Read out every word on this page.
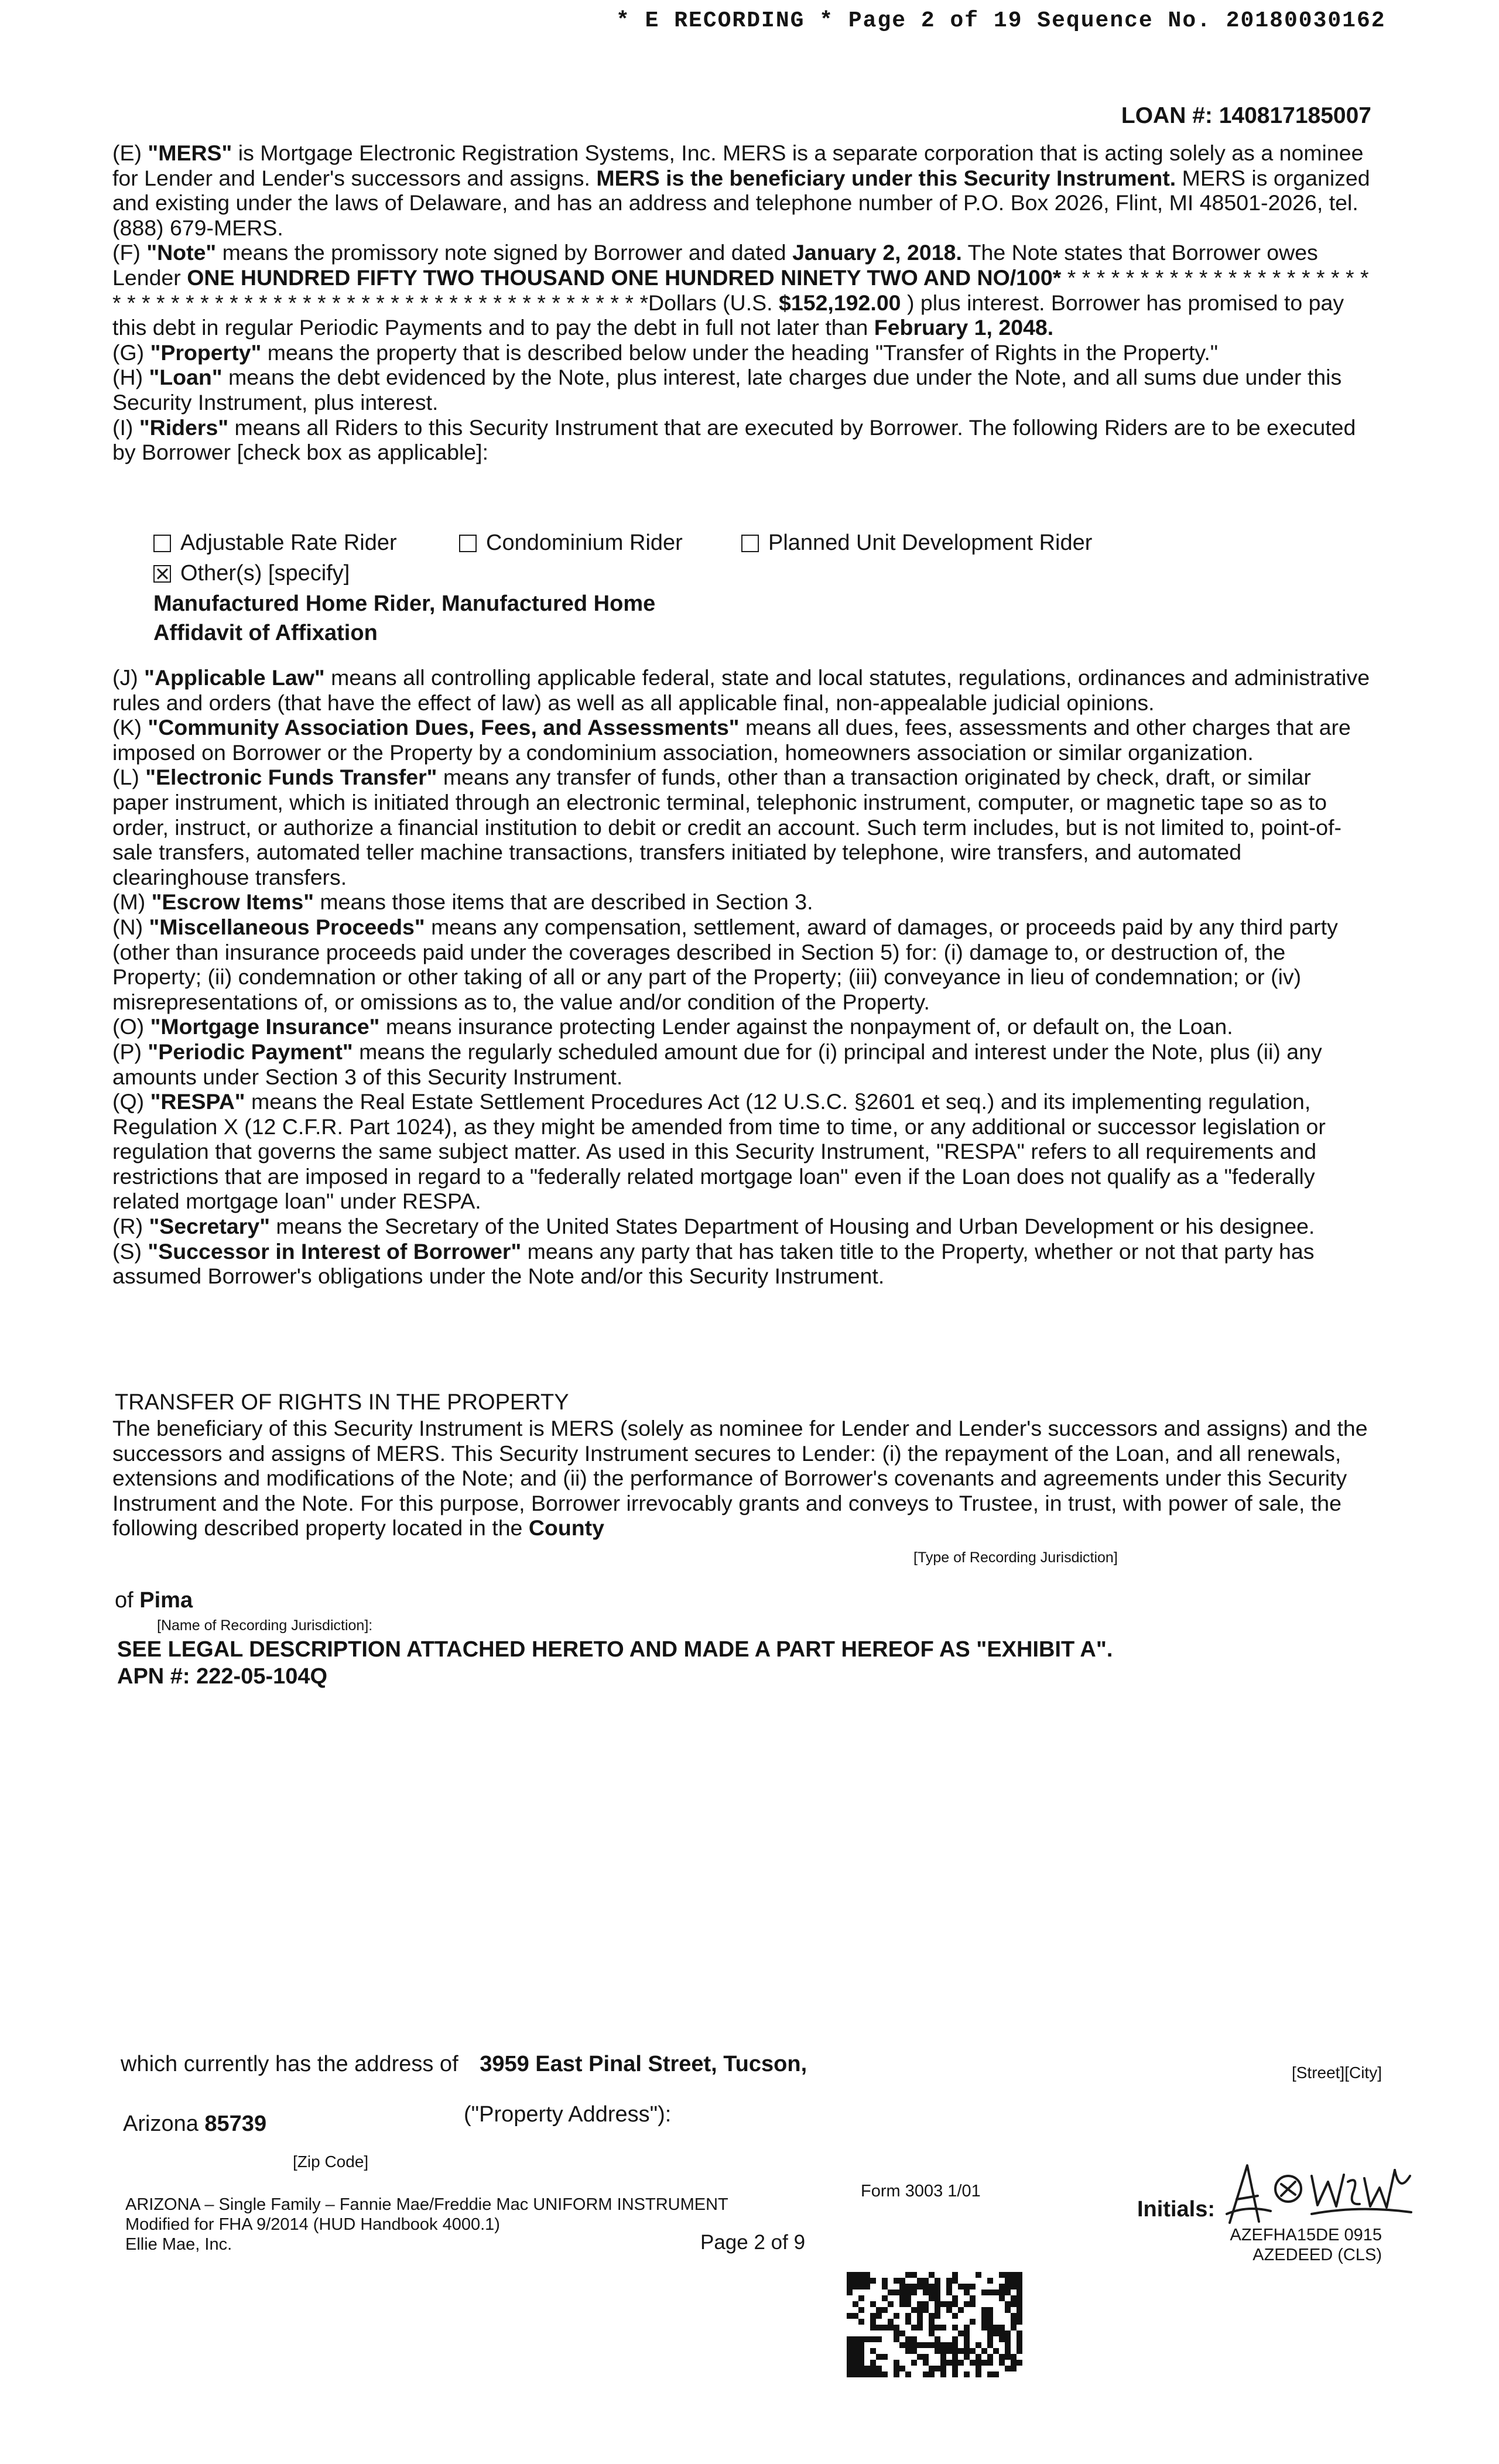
* E RECORDING * Page 2 of 19 Sequence No. 20180030162
LOAN #: 140817185007

(E) "MERS" is Mortgage Electronic Registration Systems, Inc. MERS is a separate corporation that is acting solely as a nominee for Lender and Lender's successors and assigns. MERS is the beneficiary under this Security Instrument. MERS is organized and existing under the laws of Delaware, and has an address and telephone number of P.O. Box 2026, Flint, MI 48501-2026, tel. (888) 679-MERS.

(F) "Note" means the promissory note signed by Borrower and dated January 2, 2018. The Note states that Borrower owes Lender ONE HUNDRED FIFTY TWO THOUSAND ONE HUNDRED NINETY TWO AND NO/100* * * * * * * * * * * * * * * * * * * * * * * * * * * * * * * * * * * * * * * * * * * * * * * * * * * * * * * * * * *Dollars (U.S. $152,192.00 ) plus interest. Borrower has promised to pay this debt in regular Periodic Payments and to pay the debt in full not later than February 1, 2048.

(G) "Property" means the property that is described below under the heading "Transfer of Rights in the Property."

(H) "Loan" means the debt evidenced by the Note, plus interest, late charges due under the Note, and all sums due under this Security Instrument, plus interest.

(I) "Riders" means all Riders to this Security Instrument that are executed by Borrower. The following Riders are to be executed by Borrower [check box as applicable]:

Adjustable Rate Rider	Condominium Rider	Planned Unit Development Rider
Other(s) [specify]
Manufactured Home Rider, Manufactured Home
Affidavit of Affixation

(J) "Applicable Law" means all controlling applicable federal, state and local statutes, regulations, ordinances and administrative rules and orders (that have the effect of law) as well as all applicable final, non-appealable judicial opinions.

(K) "Community Association Dues, Fees, and Assessments" means all dues, fees, assessments and other charges that are imposed on Borrower or the Property by a condominium association, homeowners association or similar organization.

(L) "Electronic Funds Transfer" means any transfer of funds, other than a transaction originated by check, draft, or similar paper instrument, which is initiated through an electronic terminal, telephonic instrument, computer, or magnetic tape so as to order, instruct, or authorize a financial institution to debit or credit an account. Such term includes, but is not limited to, point-of-sale transfers, automated teller machine transactions, transfers initiated by telephone, wire transfers, and automated clearinghouse transfers.

(M) "Escrow Items" means those items that are described in Section 3.

(N) "Miscellaneous Proceeds" means any compensation, settlement, award of damages, or proceeds paid by any third party (other than insurance proceeds paid under the coverages described in Section 5) for: (i) damage to, or destruction of, the Property; (ii) condemnation or other taking of all or any part of the Property; (iii) conveyance in lieu of condemnation; or (iv) misrepresentations of, or omissions as to, the value and/or condition of the Property.

(O) "Mortgage Insurance" means insurance protecting Lender against the nonpayment of, or default on, the Loan.

(P) "Periodic Payment" means the regularly scheduled amount due for (i) principal and interest under the Note, plus (ii) any amounts under Section 3 of this Security Instrument.

(Q) "RESPA" means the Real Estate Settlement Procedures Act (12 U.S.C. §2601 et seq.) and its implementing regulation, Regulation X (12 C.F.R. Part 1024), as they might be amended from time to time, or any additional or successor legislation or regulation that governs the same subject matter. As used in this Security Instrument, "RESPA" refers to all requirements and restrictions that are imposed in regard to a "federally related mortgage loan" even if the Loan does not qualify as a "federally related mortgage loan" under RESPA.

(R) "Secretary" means the Secretary of the United States Department of Housing and Urban Development or his designee.

(S) "Successor in Interest of Borrower" means any party that has taken title to the Property, whether or not that party has assumed Borrower's obligations under the Note and/or this Security Instrument.

TRANSFER OF RIGHTS IN THE PROPERTY
The beneficiary of this Security Instrument is MERS (solely as nominee for Lender and Lender's successors and assigns) and the successors and assigns of MERS. This Security Instrument secures to Lender: (i) the repayment of the Loan, and all renewals, extensions and modifications of the Note; and (ii) the performance of Borrower's covenants and agreements under this Security Instrument and the Note. For this purpose, Borrower irrevocably grants and conveys to Trustee, in trust, with power of sale, the following described property located in the County
[Type of Recording Jurisdiction]
of Pima
[Name of Recording Jurisdiction]:
SEE LEGAL DESCRIPTION ATTACHED HERETO AND MADE A PART HEREOF AS "EXHIBIT A".
APN #: 222-05-104Q
which currently has the address of 3959 East Pinal Street, Tucson,	[Street][City]
Arizona 85739	("Property Address"):
[Zip Code]
ARIZONA – Single Family – Fannie Mae/Freddie Mac UNIFORM INSTRUMENT
Modified for FHA 9/2014 (HUD Handbook 4000.1)
Ellie Mae, Inc.
Form 3003 1/01
Page 2 of 9
Initials:
AZEFHA15DE 0915
AZEDEED (CLS)
